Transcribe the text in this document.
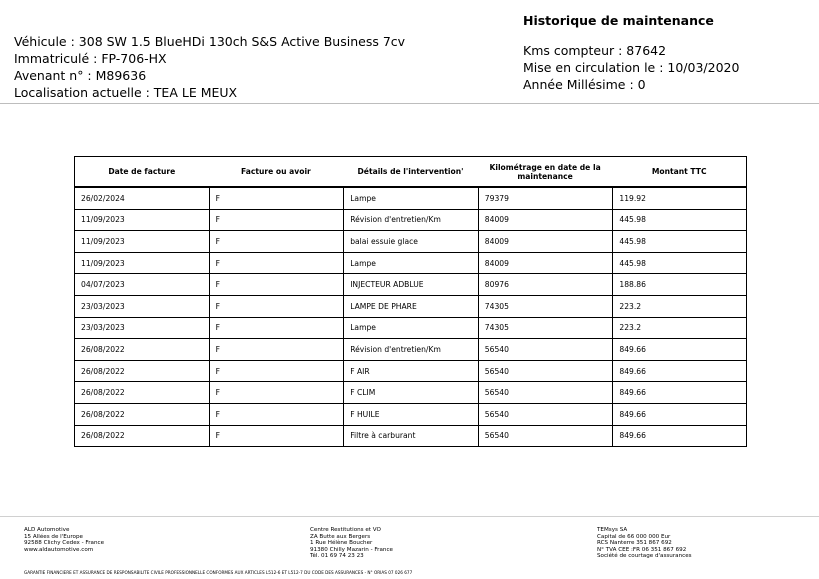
Véhicule : 308 SW 1.5 BlueHDi 130ch S&S Active Business 7cv
Immatriculé : FP-706-HX
Avenant n° : M89636
Localisation actuelle : TEA LE MEUX
Historique de maintenance
Kms compteur : 87642
Mise en circulation le : 10/03/2020
Année Millésime : 0
Date de facture	Facture ou avoir	Détails de l'intervention'	Kilométrage en date de la maintenance	Montant TTC
26/02/2024	F	Lampe	79379	119.92
11/09/2023	F	Révision d'entretien/Km	84009	445.98
11/09/2023	F	balai essuie glace	84009	445.98
11/09/2023	F	Lampe	84009	445.98
04/07/2023	F	INJECTEUR ADBLUE	80976	188.86
23/03/2023	F	LAMPE DE PHARE	74305	223.2
23/03/2023	F	Lampe	74305	223.2
26/08/2022	F	Révision d'entretien/Km	56540	849.66
26/08/2022	F	F AIR	56540	849.66
26/08/2022	F	F CLIM	56540	849.66
26/08/2022	F	F HUILE	56540	849.66
26/08/2022	F	Filtre à carburant	56540	849.66
ALD Automotive
15 Allées de l'Europe
92588 Clichy Cedex - France
www.aldautomotive.com
Centre Restitutions et VO
ZA Butte aux Bergers
1 Rue Hélène Boucher
91380 Chilly Mazarin - France
Tél. 01 69 74 23 23
TEMsys SA
Capital de 66 000 000 Eur
RCS Nanterre 351 867 692
N° TVA CEE :FR 06 351 867 692
Société de courtage d'assurances
GARANTIE FINANCIERE ET ASSURANCE DE RESPONSABILITE CIVILE PROFESSIONNELLE CONFORMES AUX ARTICLES L512-6 ET L512-7 DU CODE DES ASSURANCES - N° ORIAS 07 026 677
